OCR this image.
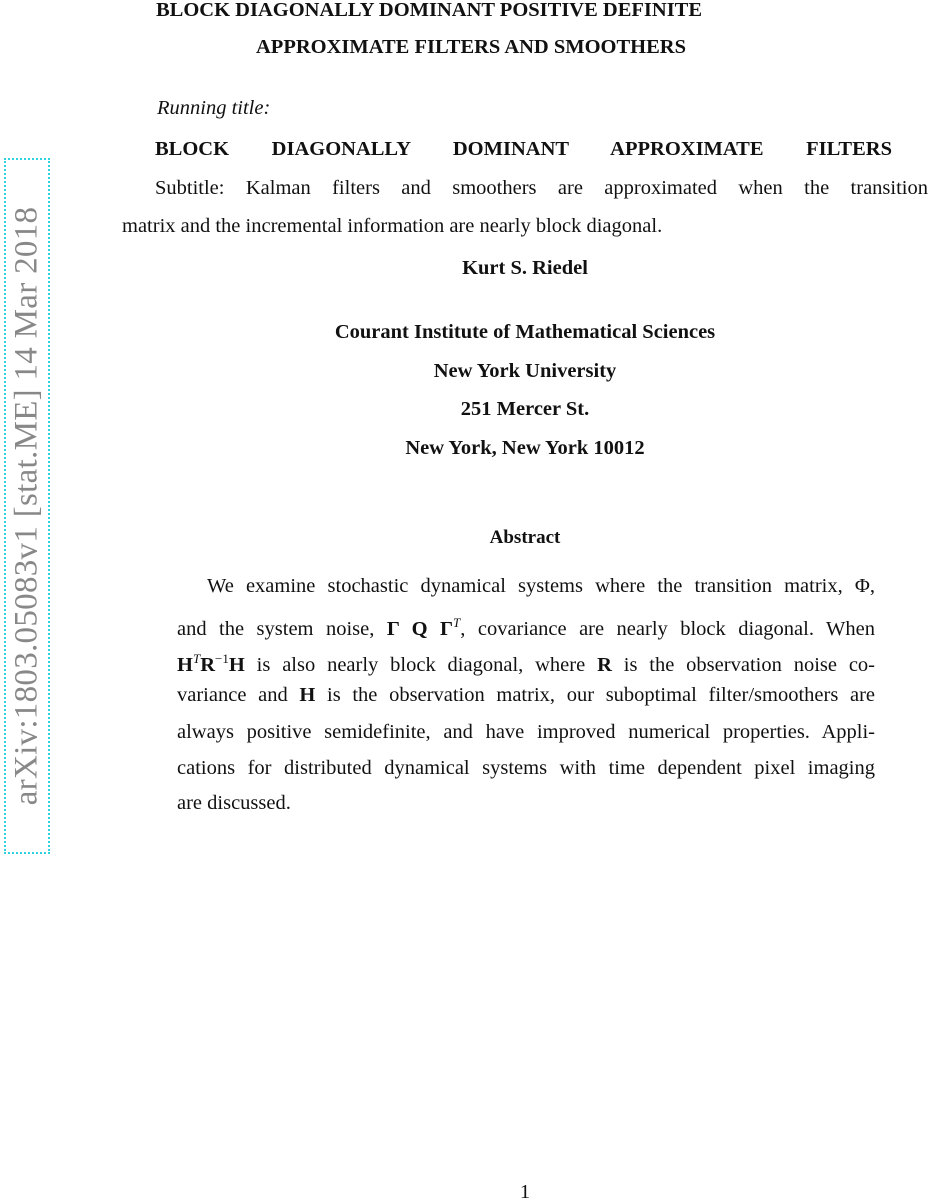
arXiv:1803.05083v1 [stat.ME] 14 Mar 2018
BLOCK DIAGONALLY DOMINANT POSITIVE DEFINITE
APPROXIMATE FILTERS AND SMOOTHERS
Running title:
BLOCK DIAGONALLY DOMINANT APPROXIMATE FILTERS
Subtitle: Kalman filters and smoothers are approximated when the transition
matrix and the incremental information are nearly block diagonal.
Kurt S. Riedel
Courant Institute of Mathematical Sciences
New York University
251 Mercer St.
New York, New York 10012
Abstract
We examine stochastic dynamical systems where the transition matrix, Φ,
and the system noise, Γ Q $\Gamma^T$, covariance are nearly block diagonal. When
$H^TR^{-1}H$ is also nearly block diagonal, where R is the observation noise co-
variance and H is the observation matrix, our suboptimal filter/smoothers are
always positive semidefinite, and have improved numerical properties. Appli-
cations for distributed dynamical systems with time dependent pixel imaging
are discussed.
1
